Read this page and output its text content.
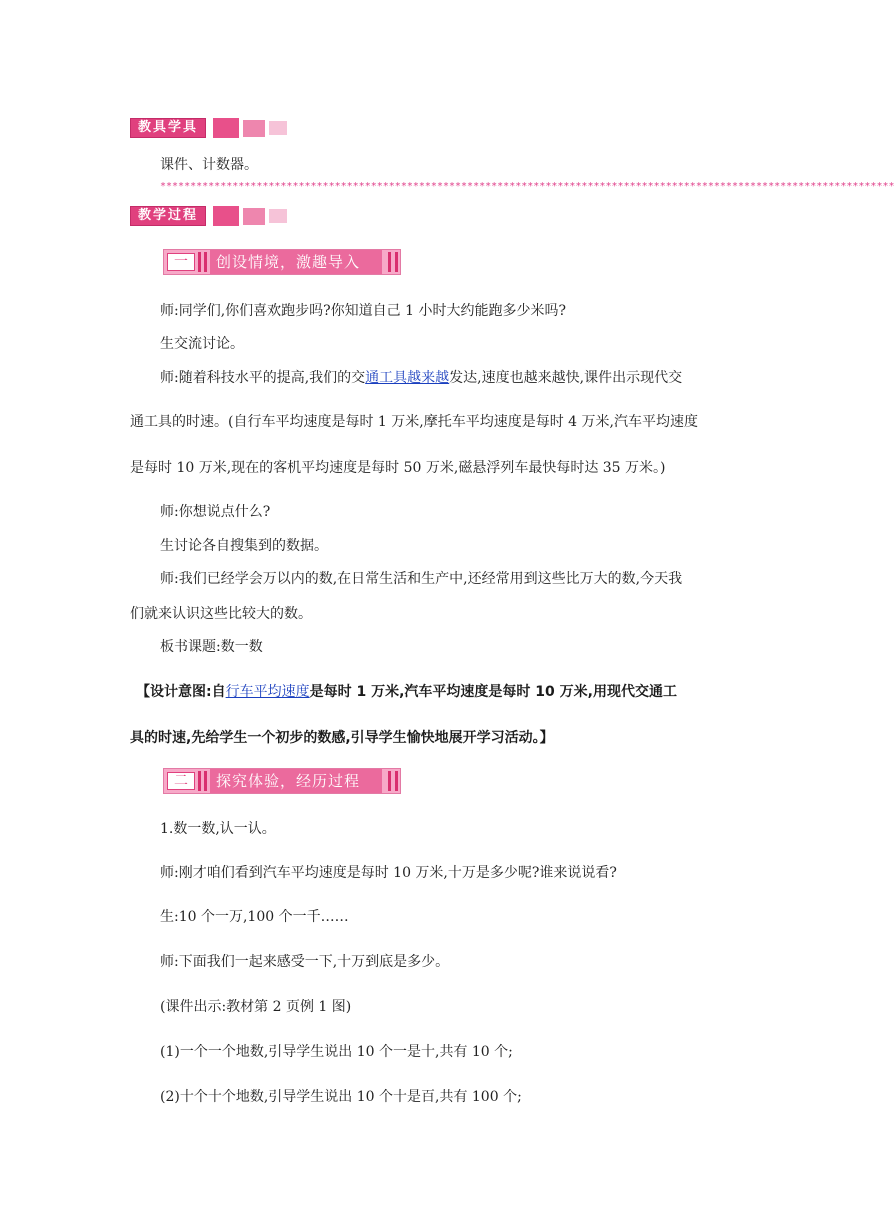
教具学具
课件、计数器。
**************************************************************************************************************************
教学过程
一	创设情境，激趣导入
师:同学们,你们喜欢跑步吗?你知道自己 1 小时大约能跑多少米吗?
生交流讨论。
师:随着科技水平的提高,我们的交通工具越来越发达,速度也越来越快,课件出示现代交
通工具的时速。(自行车平均速度是每时 1 万米,摩托车平均速度是每时 4 万米,汽车平均速度
是每时 10 万米,现在的客机平均速度是每时 50 万米,磁悬浮列车最快每时达 35 万米。)
师:你想说点什么?
生讨论各自搜集到的数据。
师:我们已经学会万以内的数,在日常生活和生产中,还经常用到这些比万大的数,今天我
们就来认识这些比较大的数。
板书课题:数一数
【设计意图:自行车平均速度是每时 1 万米,汽车平均速度是每时 10 万米,用现代交通工
具的时速,先给学生一个初步的数感,引导学生愉快地展开学习活动。】
二	探究体验，经历过程
1.数一数,认一认。
师:刚才咱们看到汽车平均速度是每时 10 万米,十万是多少呢?谁来说说看?
生:10 个一万,100 个一千……
师:下面我们一起来感受一下,十万到底是多少。
(课件出示:教材第 2 页例 1 图)
(1)一个一个地数,引导学生说出 10 个一是十,共有 10 个;
(2)十个十个地数,引导学生说出 10 个十是百,共有 100 个;
